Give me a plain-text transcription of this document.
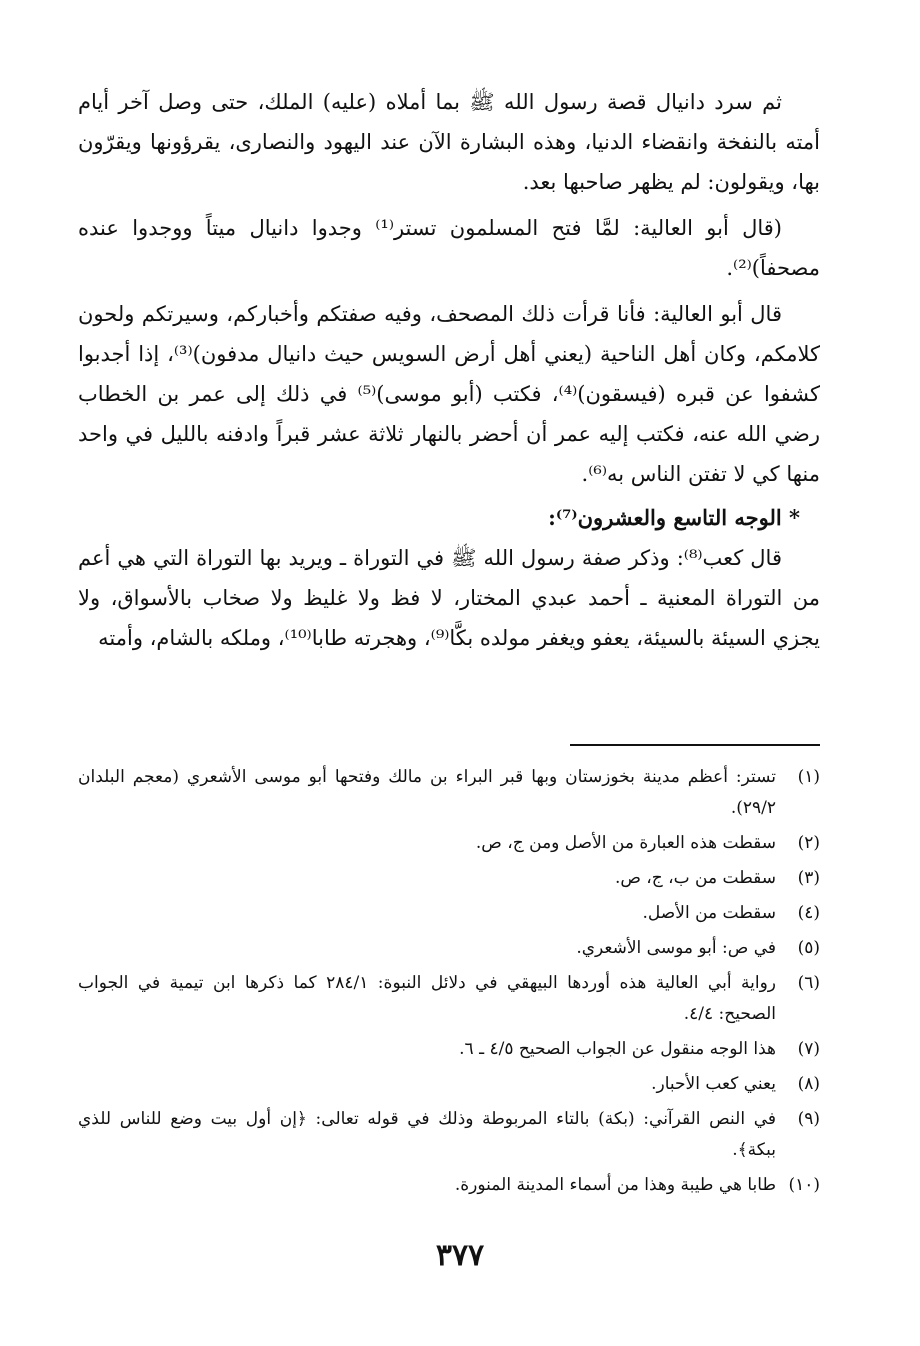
ثم سرد دانيال قصة رسول الله ﷺ بما أملاه (عليه) الملك، حتى وصل آخر أيام أمته بالنفخة وانقضاء الدنيا، وهذه البشارة الآن عند اليهود والنصارى، يقرؤونها ويقرّون بها، ويقولون: لم يظهر صاحبها بعد.

(قال أبو العالية: لمَّا فتح المسلمون تستر⁽¹⁾ وجدوا دانيال ميتاً ووجدوا عنده مصحفاً)⁽²⁾.

قال أبو العالية: فأنا قرأت ذلك المصحف، وفيه صفتكم وأخباركم، وسيرتكم ولحون كلامكم، وكان أهل الناحية (يعني أهل أرض السويس حيث دانيال مدفون)⁽³⁾، إذا أجدبوا كشفوا عن قبره (فيسقون)⁽⁴⁾، فكتب (أبو موسى)⁽⁵⁾ في ذلك إلى عمر بن الخطاب رضي الله عنه، فكتب إليه عمر أن أحضر بالنهار ثلاثة عشر قبراً وادفنه بالليل في واحد منها كي لا تفتن الناس به⁽⁶⁾.

* الوجه التاسع والعشرون⁽⁷⁾:

قال كعب⁽⁸⁾: وذكر صفة رسول الله ﷺ في التوراة ـ ويريد بها التوراة التي هي أعم من التوراة المعنية ـ أحمد عبدي المختار، لا فظ ولا غليظ ولا صخاب بالأسواق، ولا يجزي السيئة بالسيئة، يعفو ويغفر مولده بكَّا⁽⁹⁾، وهجرته طابا⁽¹⁰⁾، وملكه بالشام، وأمته

(١)
تستر: أعظم مدينة بخوزستان وبها قبر البراء بن مالك وفتحها أبو موسى الأشعري (معجم البلدان ٢٩/٢).
(٢)
سقطت هذه العبارة من الأصل ومن ج، ص.
(٣)
سقطت من ب، ج، ص.
(٤)
سقطت من الأصل.
(٥)
في ص: أبو موسى الأشعري.
(٦)
رواية أبي العالية هذه أوردها البيهقي في دلائل النبوة: ٢٨٤/١ كما ذكرها ابن تيمية في الجواب الصحيح: ٤/٤.
(٧)
هذا الوجه منقول عن الجواب الصحيح ٤/٥ ـ ٦.
(٨)
يعني كعب الأحبار.
(٩)
في النص القرآني: (بكة) بالتاء المربوطة وذلك في قوله تعالى: ﴿إن أول بيت وضع للناس للذي ببكة﴾.
(١٠)
طابا هي طيبة وهذا من أسماء المدينة المنورة.
٣٧٧
